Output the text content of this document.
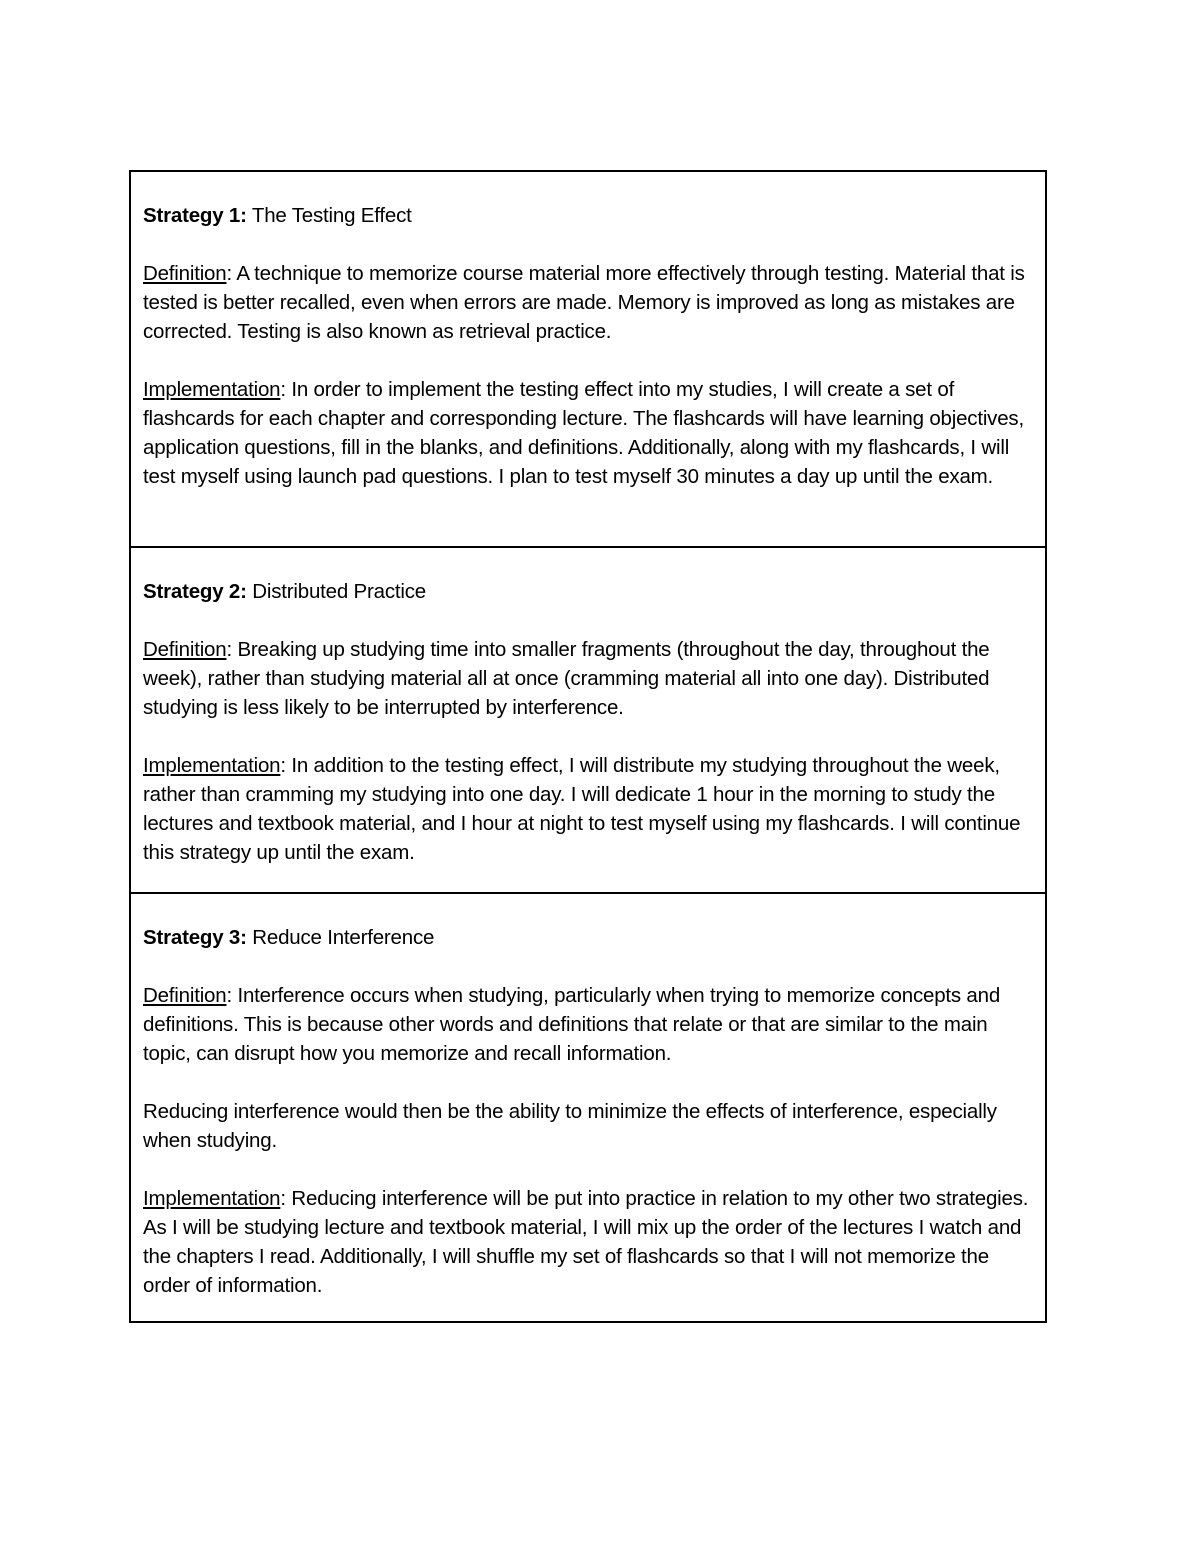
Strategy 1: The Testing Effect

Definition: A technique to memorize course material more effectively through testing. Material that is tested is better recalled, even when errors are made. Memory is improved as long as mistakes are corrected. Testing is also known as retrieval practice.

Implementation: In order to implement the testing effect into my studies, I will create a set of flashcards for each chapter and corresponding lecture. The flashcards will have learning objectives, application questions, fill in the blanks, and definitions. Additionally, along with my flashcards, I will test myself using launch pad questions. I plan to test myself 30 minutes a day up until the exam.

Strategy 2: Distributed Practice

Definition: Breaking up studying time into smaller fragments (throughout the day, throughout the week), rather than studying material all at once (cramming material all into one day). Distributed studying is less likely to be interrupted by interference.

Implementation: In addition to the testing effect, I will distribute my studying throughout the week, rather than cramming my studying into one day. I will dedicate 1 hour in the morning to study the lectures and textbook material, and I hour at night to test myself using my flashcards. I will continue this strategy up until the exam.

Strategy 3: Reduce Interference

Definition: Interference occurs when studying, particularly when trying to memorize concepts and definitions. This is because other words and definitions that relate or that are similar to the main topic, can disrupt how you memorize and recall information.

Reducing interference would then be the ability to minimize the effects of interference, especially when studying.

Implementation: Reducing interference will be put into practice in relation to my other two strategies. As I will be studying lecture and textbook material, I will mix up the order of the lectures I watch and the chapters I read. Additionally, I will shuffle my set of flashcards so that I will not memorize the order of information.
